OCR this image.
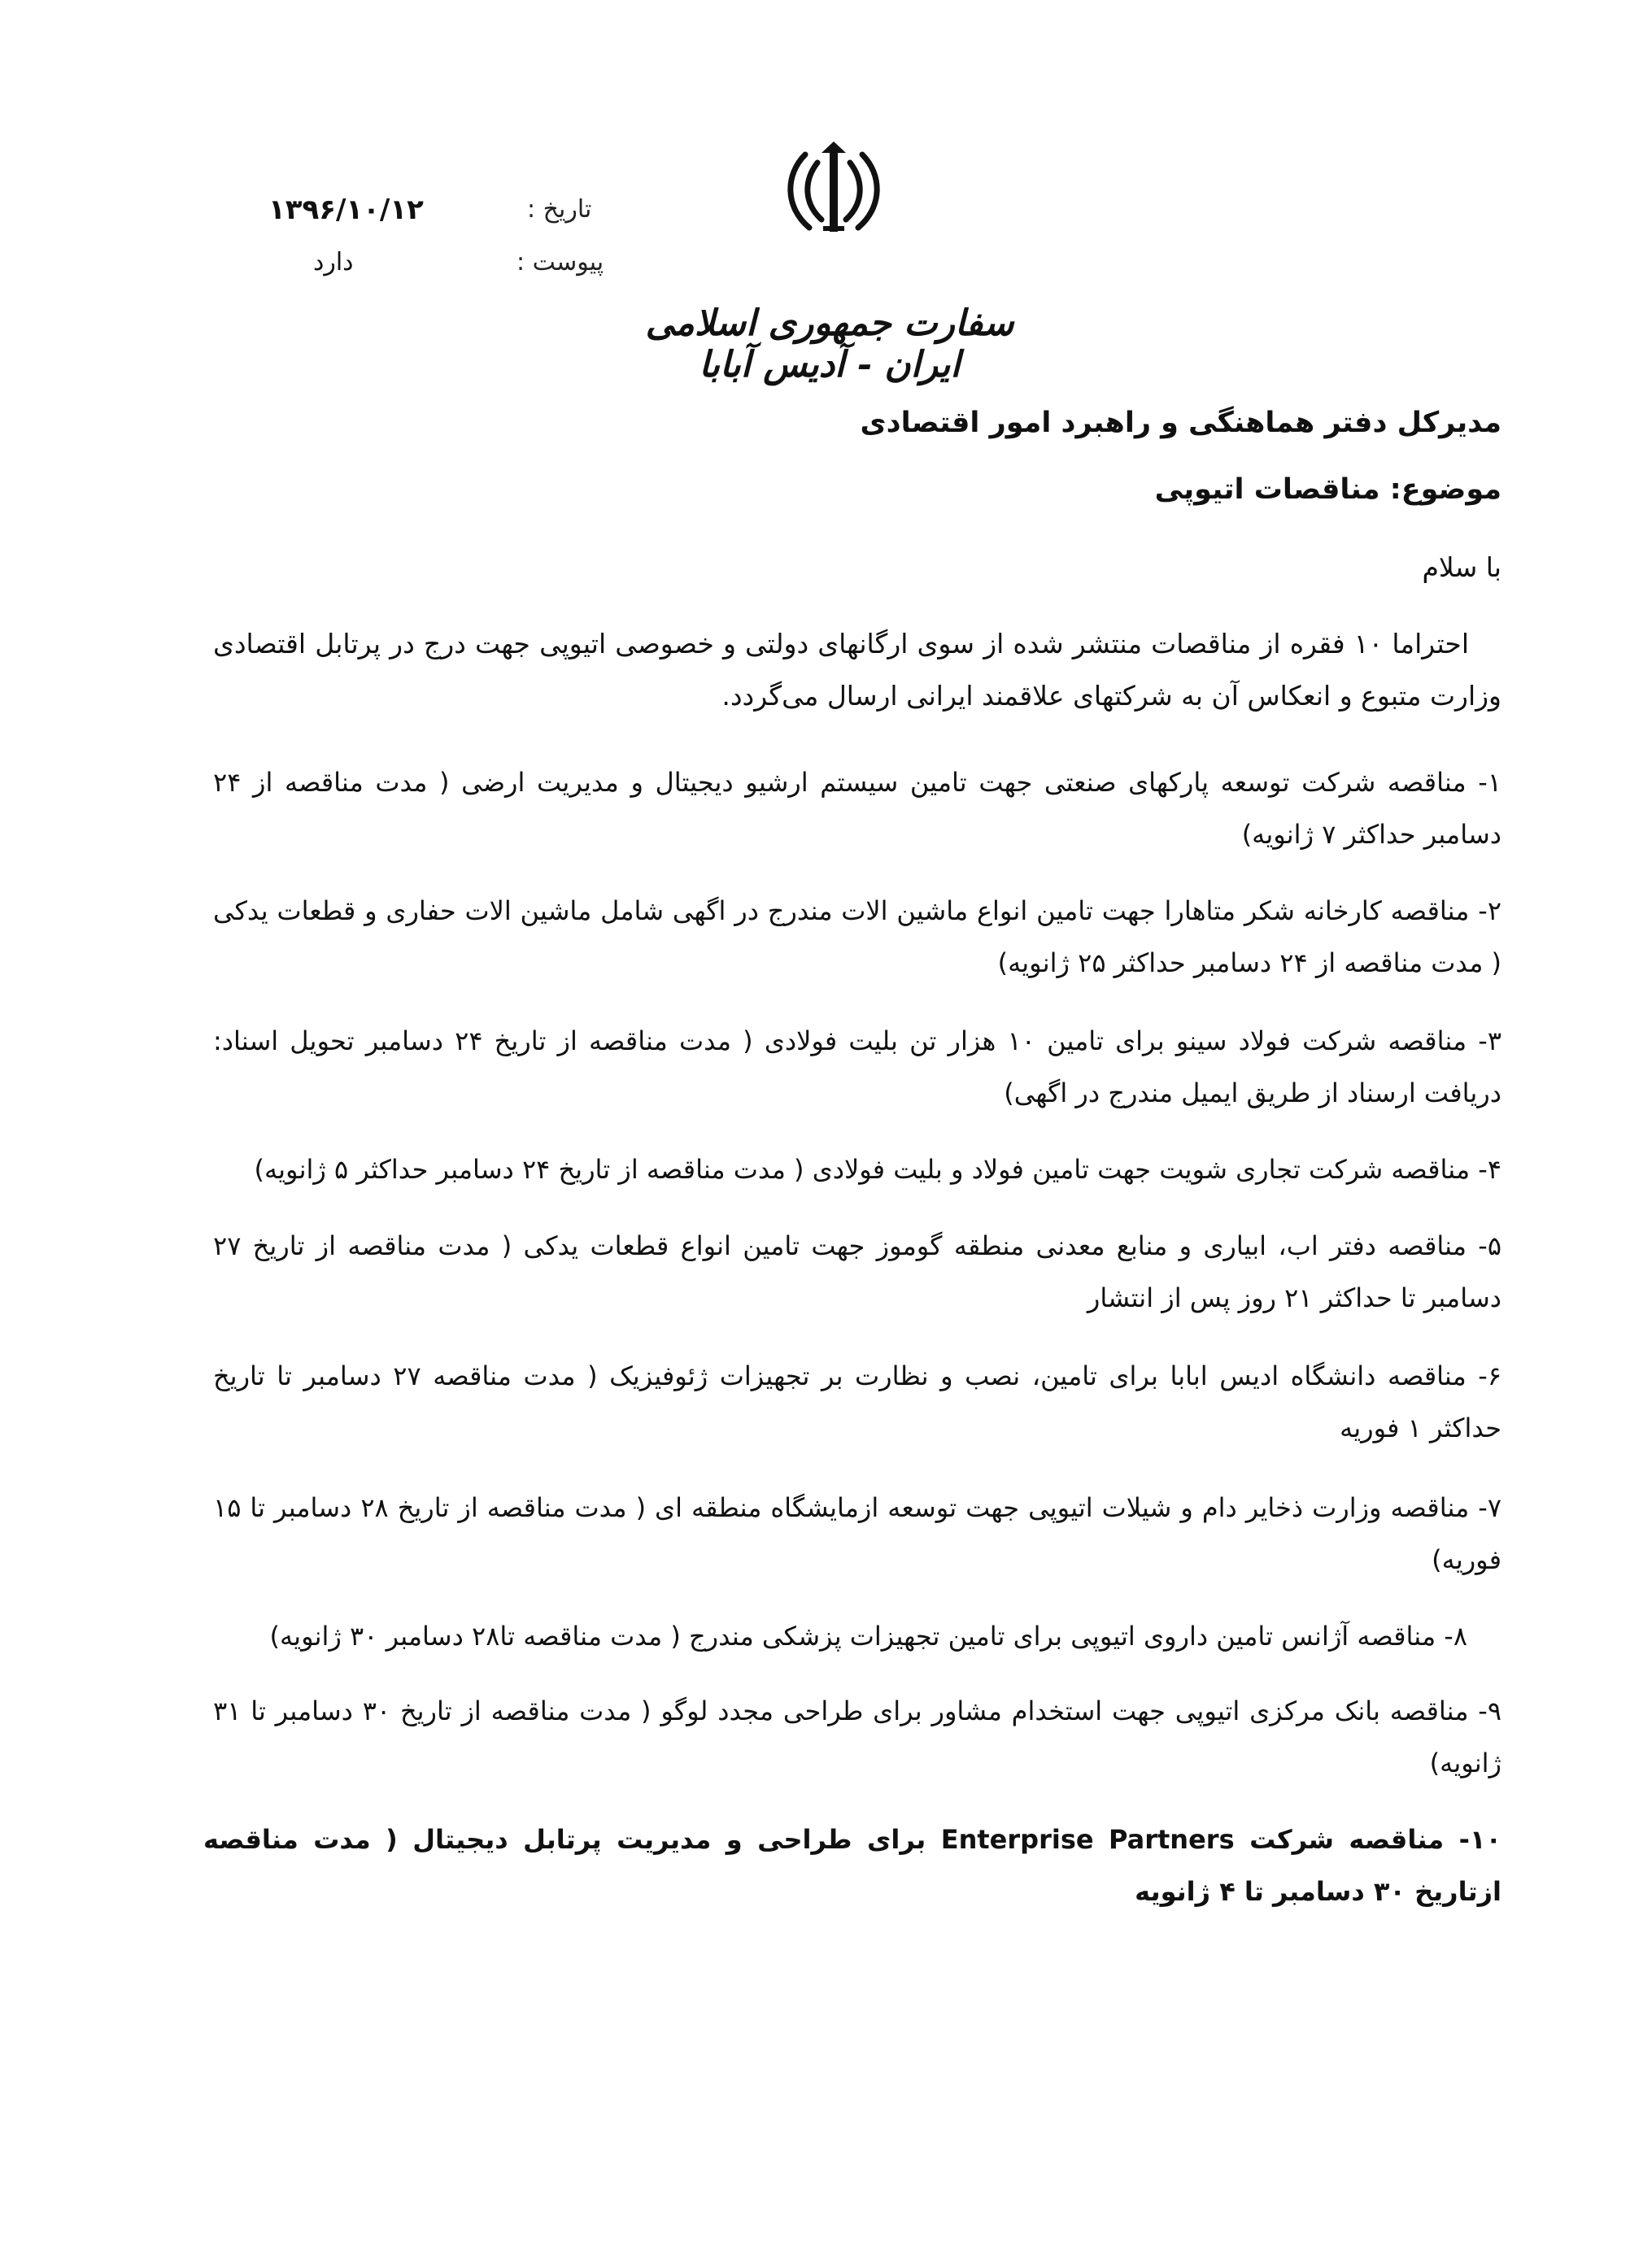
تاریخ :
۱۳۹۶/۱۰/۱۲
پیوست :
دارد
سفارت جمهوری اسلامی ایران - آدیس آبابا
مدیرکل دفتر هماهنگی و راهبرد امور اقتصادی
موضوع: مناقصات اتیوپی
با سلام
احتراما ۱۰ فقره از مناقصات منتشر شده از سوی ارگانهای دولتی و خصوصی اتیوپی جهت درج در پرتابل اقتصادی وزارت متبوع و انعکاس آن به شرکتهای علاقمند ایرانی ارسال می‌گردد.
۱- مناقصه شرکت توسعه پارکهای صنعتی جهت تامین سیستم ارشیو دیجیتال و مدیریت ارضی ( مدت مناقصه از ۲۴ دسامبر حداکثر ۷ ژانویه)
۲- مناقصه کارخانه شکر متاهارا جهت تامین انواع ماشین الات مندرج در اگهی شامل ماشین الات حفاری و قطعات یدکی ( مدت مناقصه از ۲۴ دسامبر حداکثر ۲۵ ژانویه)
۳- مناقصه شرکت فولاد سینو برای تامین ۱۰ هزار تن بلیت فولادی ( مدت مناقصه از تاریخ ۲۴ دسامبر تحویل اسناد: دریافت ارسناد از طریق ایمیل مندرج در اگهی)
۴- مناقصه شرکت تجاری شویت جهت تامین فولاد و بلیت فولادی ( مدت مناقصه از تاریخ ۲۴ دسامبر حداکثر ۵ ژانویه)
۵- مناقصه دفتر اب، ابیاری و منابع معدنی منطقه گوموز جهت تامین انواع قطعات یدکی ( مدت مناقصه از تاریخ ۲۷ دسامبر تا حداکثر ۲۱ روز پس از انتشار
۶- مناقصه دانشگاه ادیس ابابا برای تامین، نصب و نظارت بر تجهیزات ژئوفیزیک ( مدت مناقصه ۲۷ دسامبر تا تاریخ حداکثر ۱ فوریه
۷- مناقصه وزارت ذخایر دام و شیلات اتیوپی جهت توسعه ازمایشگاه منطقه ای ( مدت مناقصه از تاریخ ۲۸ دسامبر تا ۱۵ فوریه)
۸- مناقصه آژانس تامین داروی اتیوپی برای تامین تجهیزات پزشکی مندرج ( مدت مناقصه تا۲۸ دسامبر ۳۰ ژانویه)
۹- مناقصه بانک مرکزی اتیوپی جهت استخدام مشاور برای طراحی مجدد لوگو ( مدت مناقصه از تاریخ ۳۰ دسامبر تا ۳۱ ژانویه)
۱۰- مناقصه شرکت Enterprise Partners برای طراحی و مدیریت پرتابل دیجیتال ( مدت مناقصه ازتاریخ ۳۰ دسامبر تا ۴ ژانویه
